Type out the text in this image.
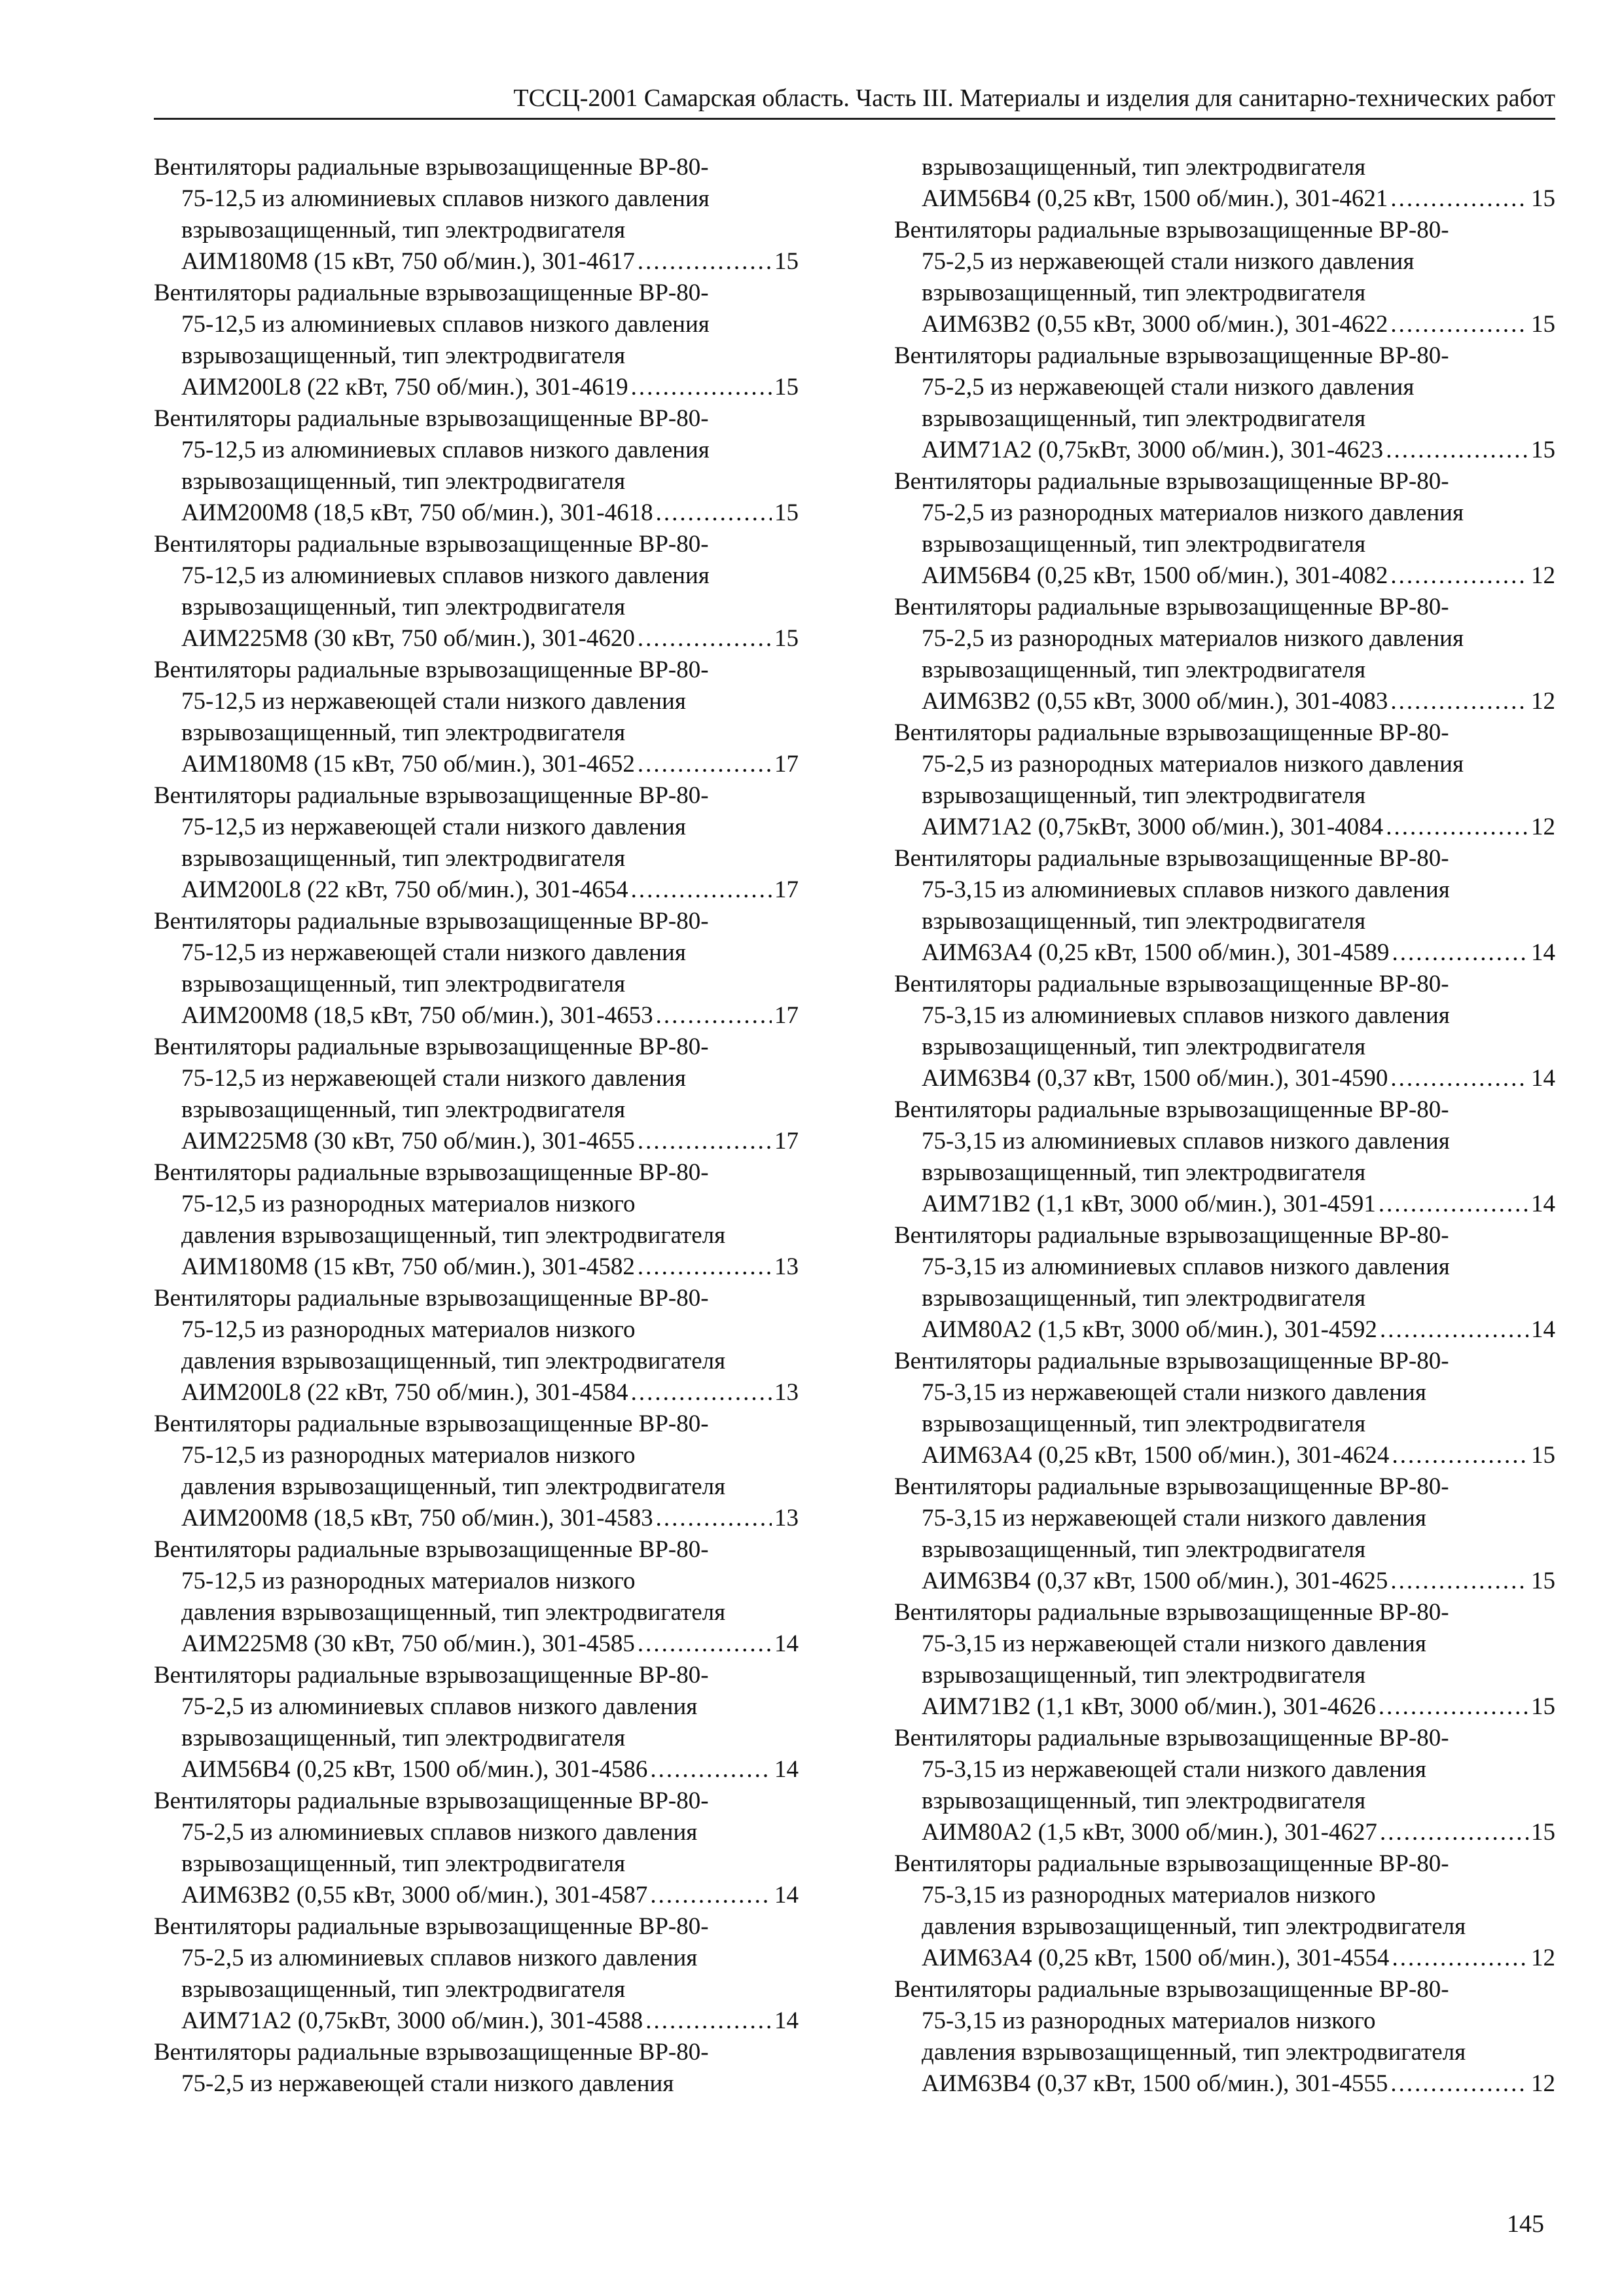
ТССЦ-2001 Самарская область. Часть III. Материалы и изделия для санитарно-технических работ
Вентиляторы радиальные взрывозащищенные ВР-80-
75-12,5 из алюминиевых сплавов низкого давления
взрывозащищенный, тип электродвигателя
АИМ180М8 (15 кВт, 750 об/мин.), 301-4617 .....	15
Вентиляторы радиальные взрывозащищенные ВР-80-
75-12,5 из алюминиевых сплавов низкого давления
взрывозащищенный, тип электродвигателя
АИМ200L8 (22 кВт, 750 об/мин.), 301-4619 .....	15
Вентиляторы радиальные взрывозащищенные ВР-80-
75-12,5 из алюминиевых сплавов низкого давления
взрывозащищенный, тип электродвигателя
АИМ200М8 (18,5 кВт, 750 об/мин.), 301-4618 .....	15
Вентиляторы радиальные взрывозащищенные ВР-80-
75-12,5 из алюминиевых сплавов низкого давления
взрывозащищенный, тип электродвигателя
АИМ225М8 (30 кВт, 750 об/мин.), 301-4620 .....	15
Вентиляторы радиальные взрывозащищенные ВР-80-
75-12,5 из нержавеющей стали низкого давления
взрывозащищенный, тип электродвигателя
АИМ180М8 (15 кВт, 750 об/мин.), 301-4652 .....	17
Вентиляторы радиальные взрывозащищенные ВР-80-
75-12,5 из нержавеющей стали низкого давления
взрывозащищенный, тип электродвигателя
АИМ200L8 (22 кВт, 750 об/мин.), 301-4654 .....	17
Вентиляторы радиальные взрывозащищенные ВР-80-
75-12,5 из нержавеющей стали низкого давления
взрывозащищенный, тип электродвигателя
АИМ200М8 (18,5 кВт, 750 об/мин.), 301-4653 .....	17
Вентиляторы радиальные взрывозащищенные ВР-80-
75-12,5 из нержавеющей стали низкого давления
взрывозащищенный, тип электродвигателя
АИМ225М8 (30 кВт, 750 об/мин.), 301-4655 .....	17
Вентиляторы радиальные взрывозащищенные ВР-80-
75-12,5 из разнородных материалов низкого
давления взрывозащищенный, тип электродвигателя
АИМ180М8 (15 кВт, 750 об/мин.), 301-4582 .....	13
Вентиляторы радиальные взрывозащищенные ВР-80-
75-12,5 из разнородных материалов низкого
давления взрывозащищенный, тип электродвигателя
АИМ200L8 (22 кВт, 750 об/мин.), 301-4584 .....	13
Вентиляторы радиальные взрывозащищенные ВР-80-
75-12,5 из разнородных материалов низкого
давления взрывозащищенный, тип электродвигателя
АИМ200М8 (18,5 кВт, 750 об/мин.), 301-4583 .....	13
Вентиляторы радиальные взрывозащищенные ВР-80-
75-12,5 из разнородных материалов низкого
давления взрывозащищенный, тип электродвигателя
АИМ225М8 (30 кВт, 750 об/мин.), 301-4585 .....	14
Вентиляторы радиальные взрывозащищенные ВР-80-
75-2,5 из алюминиевых сплавов низкого давления
взрывозащищенный, тип электродвигателя
АИМ56В4 (0,25 кВт, 1500 об/мин.), 301-4586 .....	14
Вентиляторы радиальные взрывозащищенные ВР-80-
75-2,5 из алюминиевых сплавов низкого давления
взрывозащищенный, тип электродвигателя
АИМ63В2 (0,55 кВт, 3000 об/мин.), 301-4587 .....	14
Вентиляторы радиальные взрывозащищенные ВР-80-
75-2,5 из алюминиевых сплавов низкого давления
взрывозащищенный, тип электродвигателя
АИМ71А2 (0,75кВт, 3000 об/мин.), 301-4588 .....	14
Вентиляторы радиальные взрывозащищенные ВР-80-
75-2,5 из нержавеющей стали низкого давления
взрывозащищенный, тип электродвигателя
АИМ56В4 (0,25 кВт, 1500 об/мин.), 301-4621 .....	15
Вентиляторы радиальные взрывозащищенные ВР-80-
75-2,5 из нержавеющей стали низкого давления
взрывозащищенный, тип электродвигателя
АИМ63В2 (0,55 кВт, 3000 об/мин.), 301-4622 .....	15
Вентиляторы радиальные взрывозащищенные ВР-80-
75-2,5 из нержавеющей стали низкого давления
взрывозащищенный, тип электродвигателя
АИМ71А2 (0,75кВт, 3000 об/мин.), 301-4623 .....	15
Вентиляторы радиальные взрывозащищенные ВР-80-
75-2,5 из разнородных материалов низкого давления
взрывозащищенный, тип электродвигателя
АИМ56В4 (0,25 кВт, 1500 об/мин.), 301-4082 .....	12
Вентиляторы радиальные взрывозащищенные ВР-80-
75-2,5 из разнородных материалов низкого давления
взрывозащищенный, тип электродвигателя
АИМ63В2 (0,55 кВт, 3000 об/мин.), 301-4083 .....	12
Вентиляторы радиальные взрывозащищенные ВР-80-
75-2,5 из разнородных материалов низкого давления
взрывозащищенный, тип электродвигателя
АИМ71А2 (0,75кВт, 3000 об/мин.), 301-4084 .....	12
Вентиляторы радиальные взрывозащищенные ВР-80-
75-3,15 из алюминиевых сплавов низкого давления
взрывозащищенный, тип электродвигателя
АИМ63А4 (0,25 кВт, 1500 об/мин.), 301-4589 .....	14
Вентиляторы радиальные взрывозащищенные ВР-80-
75-3,15 из алюминиевых сплавов низкого давления
взрывозащищенный, тип электродвигателя
АИМ63В4 (0,37 кВт, 1500 об/мин.), 301-4590 .....	14
Вентиляторы радиальные взрывозащищенные ВР-80-
75-3,15 из алюминиевых сплавов низкого давления
взрывозащищенный, тип электродвигателя
АИМ71В2 (1,1 кВт, 3000 об/мин.), 301-4591 .....	14
Вентиляторы радиальные взрывозащищенные ВР-80-
75-3,15 из алюминиевых сплавов низкого давления
взрывозащищенный, тип электродвигателя
АИМ80А2 (1,5 кВт, 3000 об/мин.), 301-4592 .....	14
Вентиляторы радиальные взрывозащищенные ВР-80-
75-3,15 из нержавеющей стали низкого давления
взрывозащищенный, тип электродвигателя
АИМ63А4 (0,25 кВт, 1500 об/мин.), 301-4624 .....	15
Вентиляторы радиальные взрывозащищенные ВР-80-
75-3,15 из нержавеющей стали низкого давления
взрывозащищенный, тип электродвигателя
АИМ63В4 (0,37 кВт, 1500 об/мин.), 301-4625 .....	15
Вентиляторы радиальные взрывозащищенные ВР-80-
75-3,15 из нержавеющей стали низкого давления
взрывозащищенный, тип электродвигателя
АИМ71В2 (1,1 кВт, 3000 об/мин.), 301-4626 .....	15
Вентиляторы радиальные взрывозащищенные ВР-80-
75-3,15 из нержавеющей стали низкого давления
взрывозащищенный, тип электродвигателя
АИМ80А2 (1,5 кВт, 3000 об/мин.), 301-4627 .....	15
Вентиляторы радиальные взрывозащищенные ВР-80-
75-3,15 из разнородных материалов низкого
давления взрывозащищенный, тип электродвигателя
АИМ63А4 (0,25 кВт, 1500 об/мин.), 301-4554 .....	12
Вентиляторы радиальные взрывозащищенные ВР-80-
75-3,15 из разнородных материалов низкого
давления взрывозащищенный, тип электродвигателя
АИМ63В4 (0,37 кВт, 1500 об/мин.), 301-4555 .....	12
145
